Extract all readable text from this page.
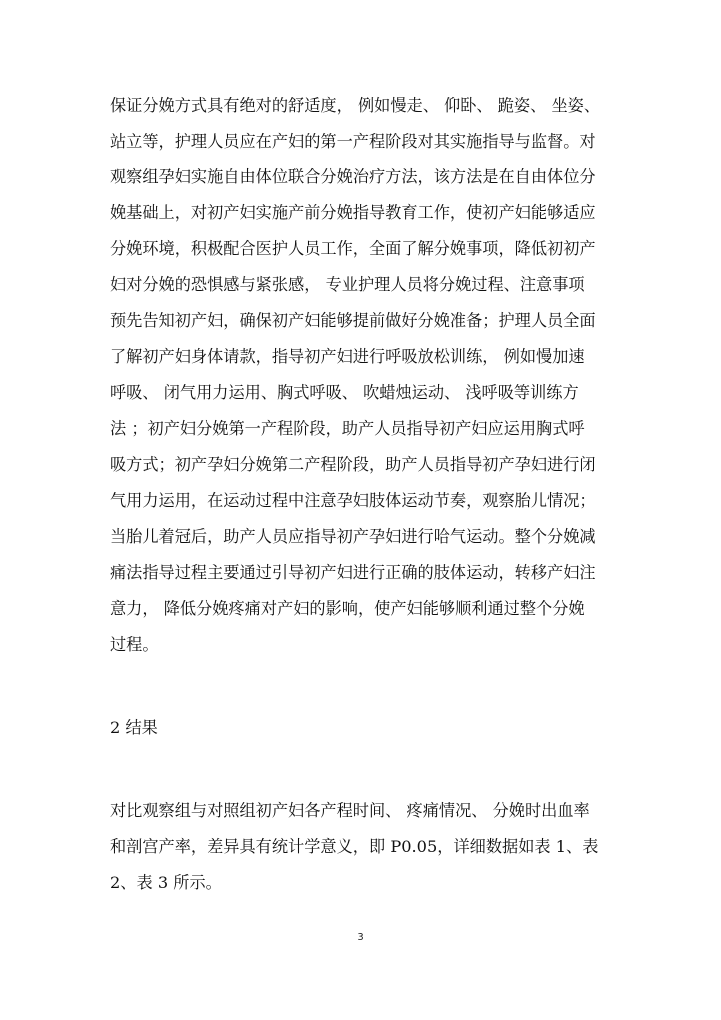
保证分娩方式具有绝对的舒适度， 例如慢走、 仰卧、 跪姿、 坐姿、
站立等，护理人员应在产妇的第一产程阶段对其实施指导与监督。对
观察组孕妇实施自由体位联合分娩治疗方法，该方法是在自由体位分
娩基础上，对初产妇实施产前分娩指导教育工作，使初产妇能够适应
分娩环境，积极配合医护人员工作，全面了解分娩事项，降低初初产
妇对分娩的恐惧感与紧张感， 专业护理人员将分娩过程、注意事项
预先告知初产妇，确保初产妇能够提前做好分娩准备；护理人员全面
了解初产妇身体请款，指导初产妇进行呼吸放松训练， 例如慢加速
呼吸、 闭气用力运用、胸式呼吸、 吹蜡烛运动、 浅呼吸等训练方
法 ；初产妇分娩第一产程阶段，助产人员指导初产妇应运用胸式呼
吸方式；初产孕妇分娩第二产程阶段，助产人员指导初产孕妇进行闭
气用力运用，在运动过程中注意孕妇肢体运动节奏，观察胎儿情况；
当胎儿着冠后，助产人员应指导初产孕妇进行哈气运动。整个分娩减
痛法指导过程主要通过引导初产妇进行正确的肢体运动，转移产妇注
意力， 降低分娩疼痛对产妇的影响，使产妇能够顺利通过整个分娩
过程。
2 结果
对比观察组与对照组初产妇各产程时间、 疼痛情况、 分娩时出血率
和剖宫产率，差异具有统计学意义，即 P0.05，详细数据如表 1、表
2、表 3 所示。
3
